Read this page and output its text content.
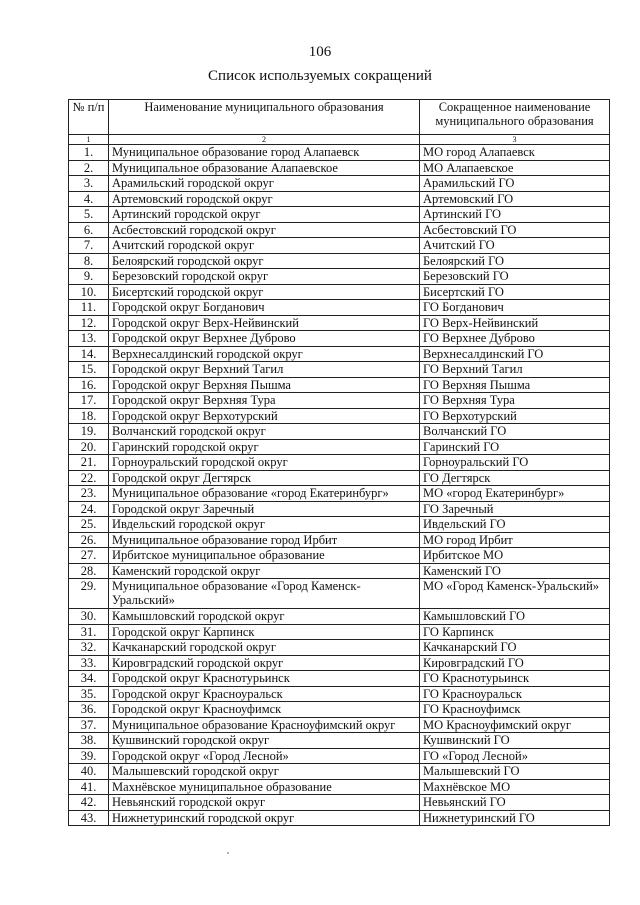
106
Список используемых сокращений
№ п/п	Наименование муниципального образования	Сокращенное наименование муниципального образования
1	2	3
1.	Муниципальное образование город Алапаевск	МО город Алапаевск
2.	Муниципальное образование Алапаевское	МО Алапаевское
3.	Арамильский городской округ	Арамильский ГО
4.	Артемовский городской округ	Артемовский ГО
5.	Артинский городской округ	Артинский ГО
6.	Асбестовский городской округ	Асбестовский ГО
7.	Ачитский городской округ	Ачитский ГО
8.	Белоярский городской округ	Белоярский ГО
9.	Березовский городской округ	Березовский ГО
10.	Бисертский городской округ	Бисертский ГО
11.	Городской округ Богданович	ГО Богданович
12.	Городской округ Верх-Нейвинский	ГО Верх-Нейвинский
13.	Городской округ Верхнее Дуброво	ГО Верхнее Дуброво
14.	Верхнесалдинский городской округ	Верхнесалдинский ГО
15.	Городской округ Верхний Тагил	ГО Верхний Тагил
16.	Городской округ Верхняя Пышма	ГО Верхняя Пышма
17.	Городской округ Верхняя Тура	ГО Верхняя Тура
18.	Городской округ Верхотурский	ГО Верхотурский
19.	Волчанский городской округ	Волчанский ГО
20.	Гаринский городской округ	Гаринский ГО
21.	Горноуральский городской округ	Горноуральский ГО
22.	Городской округ Дегтярск	ГО Дегтярск
23.	Муниципальное образование «город Екатеринбург»	МО «город Екатеринбург»
24.	Городской округ Заречный	ГО Заречный
25.	Ивдельский городской округ	Ивдельский ГО
26.	Муниципальное образование город Ирбит	МО город Ирбит
27.	Ирбитское муниципальное образование	Ирбитское МО
28.	Каменский городской округ	Каменский ГО
29.	Муниципальное образование «Город Каменск-Уральский»	МО «Город Каменск-Уральский»
30.	Камышловский городской округ	Камышловский ГО
31.	Городской округ Карпинск	ГО Карпинск
32.	Качканарский городской округ	Качканарский ГО
33.	Кировградский городской округ	Кировградский ГО
34.	Городской округ Краснотурьинск	ГО Краснотурьинск
35.	Городской округ Красноуральск	ГО Красноуральск
36.	Городской округ Красноуфимск	ГО Красноуфимск
37.	Муниципальное образование Красноуфимский округ	МО Красноуфимский округ
38.	Кушвинский городской округ	Кушвинский ГО
39.	Городской округ «Город Лесной»	ГО «Город Лесной»
40.	Малышевский городской округ	Малышевский ГО
41.	Махнёвское муниципальное образование	Махнёвское МО
42.	Невьянский городской округ	Невьянский ГО
43.	Нижнетуринский городской округ	Нижнетуринский ГО
